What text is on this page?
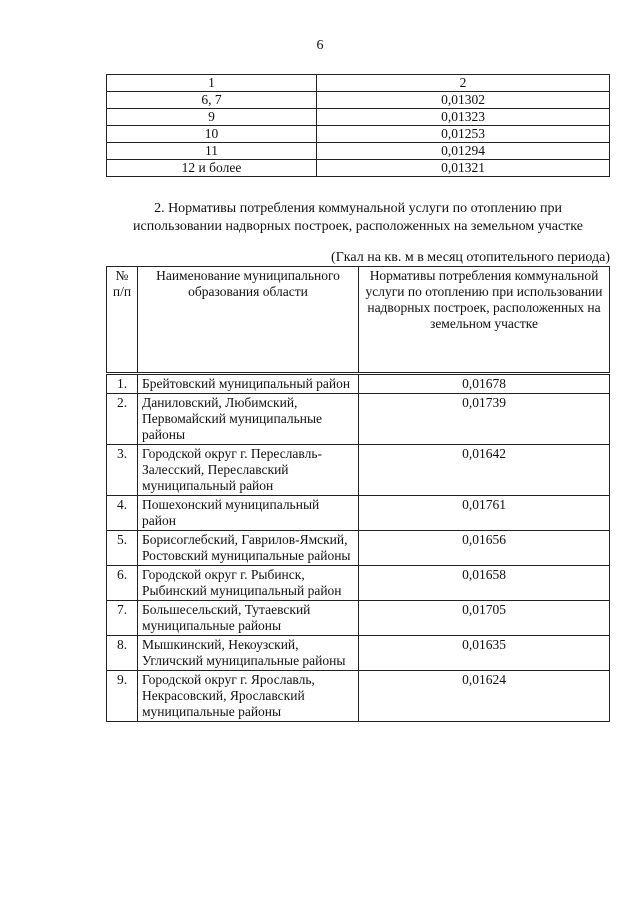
6
1	2
6, 7	0,01302
9	0,01323
10	0,01253
11	0,01294
12 и более	0,01321
2. Нормативы потребления коммунальной услуги по отоплению при
использовании надворных построек, расположенных на земельном участке
(Гкал на кв. м в месяц отопительного периода)
№ п/п	Наименование муниципального образования области	Нормативы потребления коммунальной услуги по отоплению при использовании надворных построек, расположенных на земельном участке
1.	Брейтовский муниципальный район	0,01678
2.	Даниловский, Любимский, Первомайский муниципальные районы	0,01739
3.	Городской округ г. Переславль-Залесский, Переславский муниципальный район	0,01642
4.	Пошехонский муниципальный район	0,01761
5.	Борисоглебский, Гаврилов-Ямский, Ростовский муниципальные районы	0,01656
6.	Городской округ г. Рыбинск, Рыбинский муниципальный район	0,01658
7.	Большесельский, Тутаевский муниципальные районы	0,01705
8.	Мышкинский, Некоузский, Угличский муниципальные районы	0,01635
9.	Городской округ г. Ярославль, Некрасовский, Ярославский муниципальные районы	0,01624
